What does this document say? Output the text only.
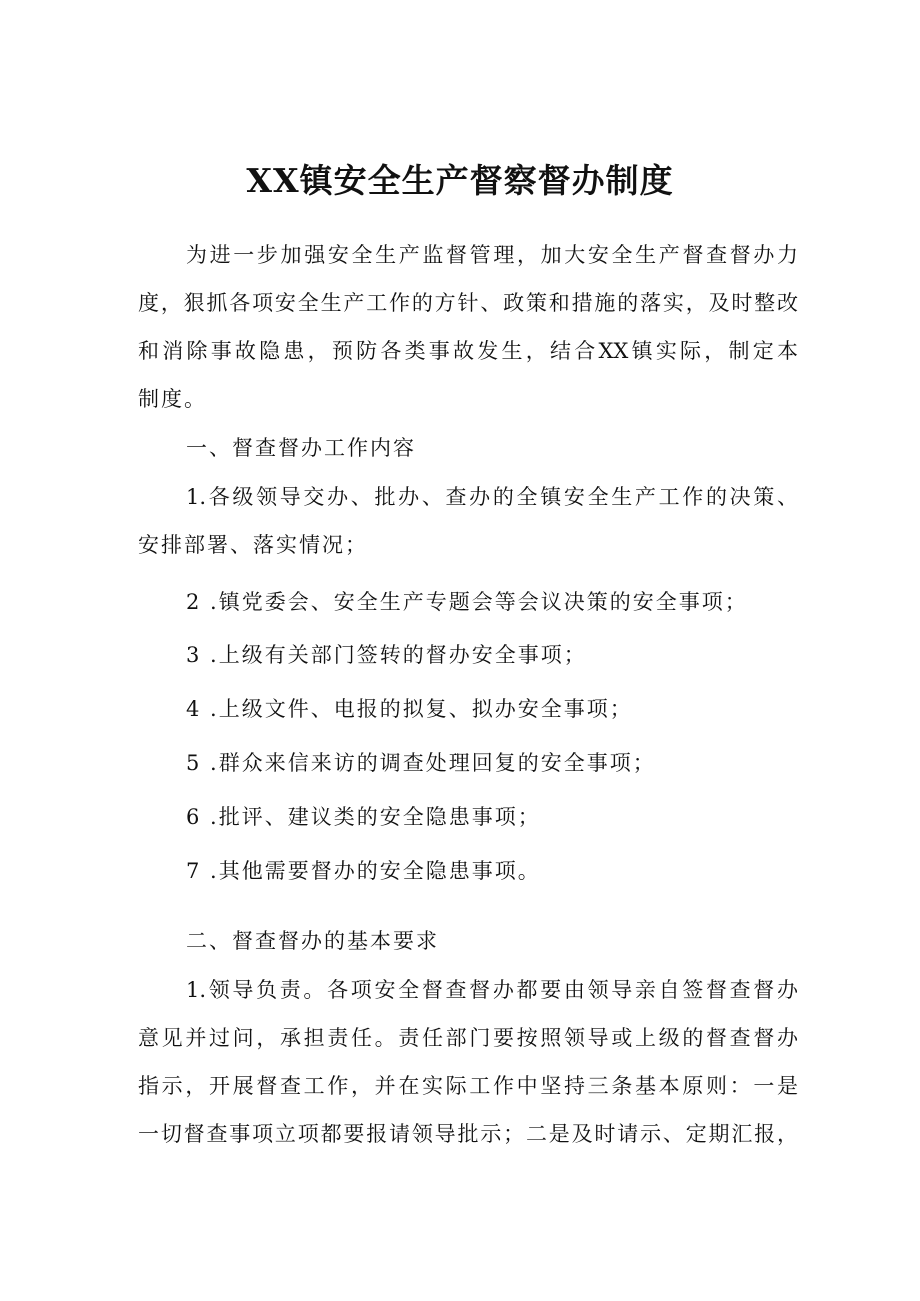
XX镇安全生产督察督办制度
为进一步加强安全生产监督管理，加大安全生产督查督办力
度，狠抓各项安全生产工作的方针、政策和措施的落实，及时整改
和消除事故隐患，预防各类事故发生，结合XX镇实际，制定本
制度。
一、督查督办工作内容
1.各级领导交办、批办、查办的全镇安全生产工作的决策、
安排部署、落实情况；
2 .镇党委会、安全生产专题会等会议决策的安全事项；
3 .上级有关部门签转的督办安全事项；
4 .上级文件、电报的拟复、拟办安全事项；
5 .群众来信来访的调查处理回复的安全事项；
6 .批评、建议类的安全隐患事项；
7 .其他需要督办的安全隐患事项。
二、督查督办的基本要求
1.领导负责。各项安全督查督办都要由领导亲自签督查督办
意见并过问，承担责任。责任部门要按照领导或上级的督查督办
指示，开展督查工作，并在实际工作中坚持三条基本原则：一是
一切督查事项立项都要报请领导批示；二是及时请示、定期汇报，
